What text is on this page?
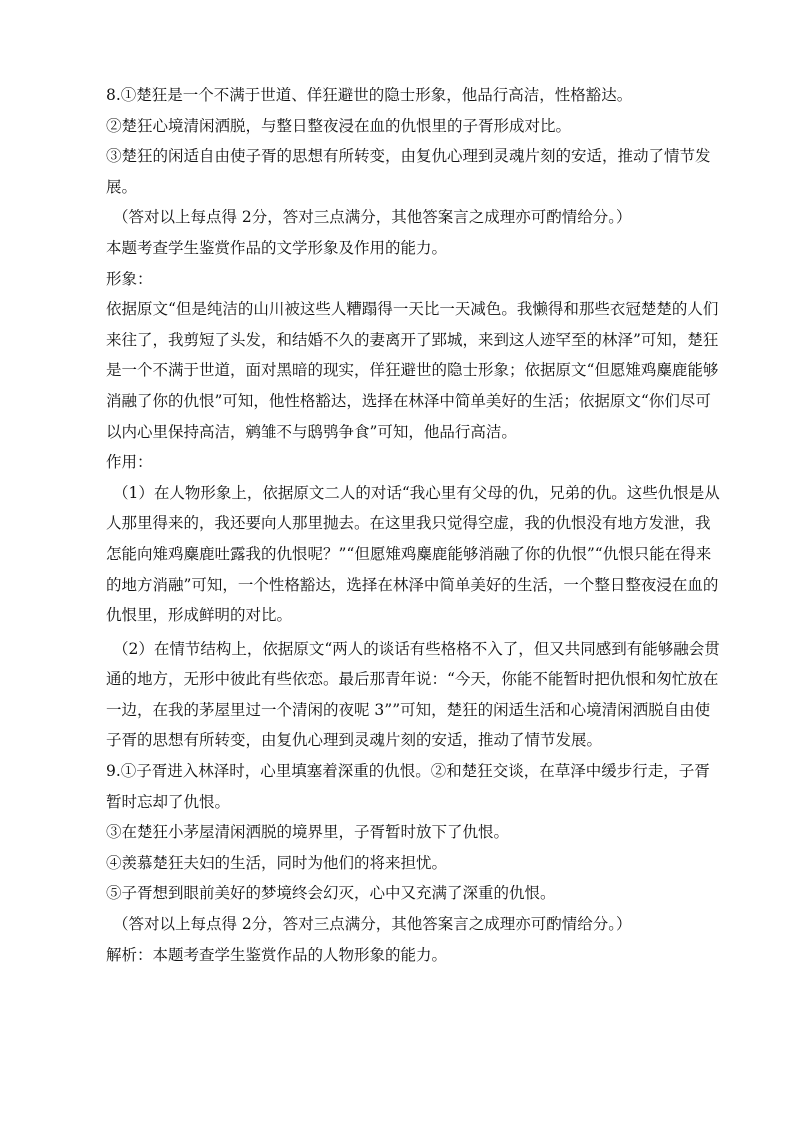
8.①楚狂是一个不满于世道、佯狂避世的隐士形象，他品行高洁，性格豁达。

②楚狂心境清闲洒脱，与整日整夜浸在血的仇恨里的子胥形成对比。

③楚狂的闲适自由使子胥的思想有所转变，由复仇心理到灵魂片刻的安适，推动了情节发展。

（答对以上每点得 2分，答对三点满分，其他答案言之成理亦可酌情给分。）

本题考查学生鉴赏作品的文学形象及作用的能力。

形象：

依据原文“但是纯洁的山川被这些人糟蹋得一天比一天减色。我懒得和那些衣冠楚楚的人们来往了，我剪短了头发，和结婚不久的妻离开了郢城，来到这人迹罕至的林泽”可知，楚狂是一个不满于世道，面对黑暗的现实，佯狂避世的隐士形象；依据原文“但愿雉鸡麋鹿能够消融了你的仇恨”可知，他性格豁达，选择在林泽中简单美好的生活；依据原文“你们尽可以内心里保持高洁，鹓雏不与鸱鸮争食”可知，他品行高洁。

作用：

（1）在人物形象上，依据原文二人的对话“我心里有父母的仇，兄弟的仇。这些仇恨是从人那里得来的，我还要向人那里抛去。在这里我只觉得空虚，我的仇恨没有地方发泄，我怎能向雉鸡麋鹿吐露我的仇恨呢？”“但愿雉鸡麋鹿能够消融了你的仇恨”“仇恨只能在得来的地方消融”可知，一个性格豁达，选择在林泽中简单美好的生活，一个整日整夜浸在血的仇恨里，形成鲜明的对比。

（2）在情节结构上，依据原文“两人的谈话有些格格不入了，但又共同感到有能够融会贯通的地方，无形中彼此有些依恋。最后那青年说：“今天，你能不能暂时把仇恨和匆忙放在一边，在我的茅屋里过一个清闲的夜呢 3””可知，楚狂的闲适生活和心境清闲洒脱自由使子胥的思想有所转变，由复仇心理到灵魂片刻的安适，推动了情节发展。

9.①子胥进入林泽时，心里填塞着深重的仇恨。②和楚狂交谈，在草泽中缓步行走，子胥暂时忘却了仇恨。

③在楚狂小茅屋清闲洒脱的境界里，子胥暂时放下了仇恨。

④羡慕楚狂夫妇的生活，同时为他们的将来担忧。

⑤子胥想到眼前美好的梦境终会幻灭，心中又充满了深重的仇恨。

（答对以上每点得 2分，答对三点满分，其他答案言之成理亦可酌情给分。）

解析：本题考查学生鉴赏作品的人物形象的能力。
